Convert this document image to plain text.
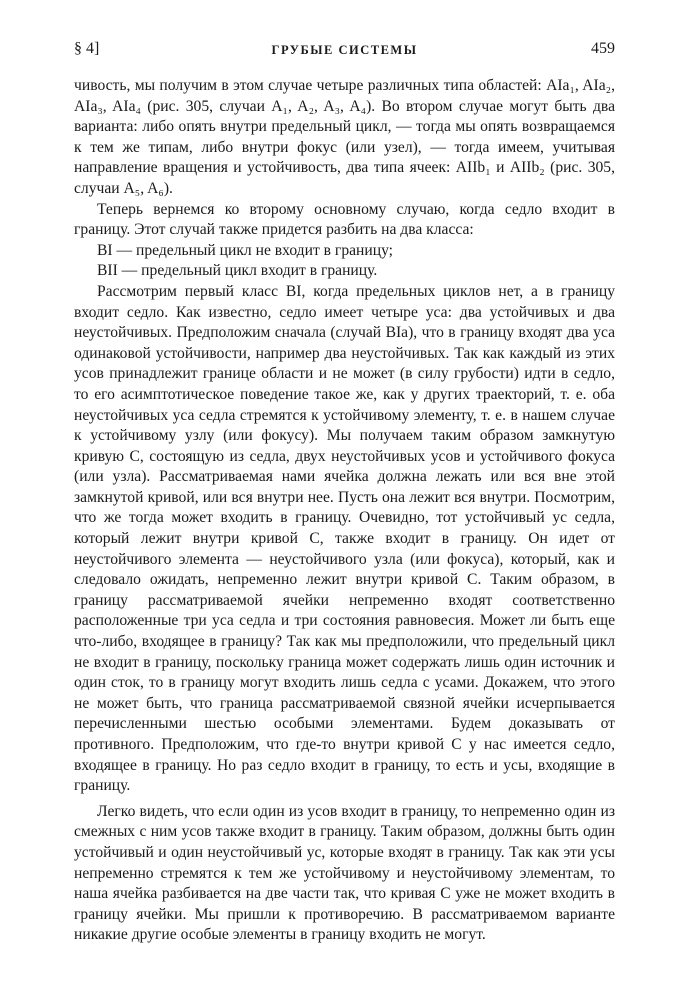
§ 4]	ГРУБЫЕ СИСТЕМЫ	459

чивость, мы получим в этом случае четыре различных типа областей: AIa₁, AIa₂, AIa₃, AIa₄ (рис. 305, случаи A₁, A₂, A₃, A₄). Во втором случае могут быть два варианта: либо опять внутри предельный цикл, — тогда мы опять возвращаемся к тем же типам, либо внутри фокус (или узел), — тогда имеем, учитывая направление вращения и устойчивость, два типа ячеек: AIIb₁ и AIIb₂ (рис. 305, случаи A₅, A₆).

Теперь вернемся ко второму основному случаю, когда седло входит в границу. Этот случай также придется разбить на два класса:

BI — предельный цикл не входит в границу;

BII — предельный цикл входит в границу.

Рассмотрим первый класс BI, когда предельных циклов нет, а в границу входит седло. Как известно, седло имеет четыре уса: два устойчивых и два неустойчивых. Предположим сначала (случай BIa), что в границу входят два уса одинаковой устойчивости, например два неустойчивых. Так как каждый из этих усов принадлежит границе области и не может (в силу грубости) идти в седло, то его асимптотическое поведение такое же, как у других траекторий, т. е. оба неустойчивых уса седла стремятся к устойчивому элементу, т. е. в нашем случае к устойчивому узлу (или фокусу). Мы получаем таким образом замкнутую кривую C, состоящую из седла, двух неустойчивых усов и устойчивого фокуса (или узла). Рассматриваемая нами ячейка должна лежать или вся вне этой замкнутой кривой, или вся внутри нее. Пусть она лежит вся внутри. Посмотрим, что же тогда может входить в границу. Очевидно, тот устойчивый ус седла, который лежит внутри кривой C, также входит в границу. Он идет от неустойчивого элемента — неустойчивого узла (или фокуса), который, как и следовало ожидать, непременно лежит внутри кривой C. Таким образом, в границу рассматриваемой ячейки непременно входят соответственно расположенные три уса седла и три состояния равновесия. Может ли быть еще что-либо, входящее в границу? Так как мы предположили, что предельный цикл не входит в границу, поскольку граница может содержать лишь один источник и один сток, то в границу могут входить лишь седла с усами. Докажем, что этого не может быть, что граница рассматриваемой связной ячейки исчерпывается перечисленными шестью особыми элементами. Будем доказывать от противного. Предположим, что где-то внутри кривой C у нас имеется седло, входящее в границу. Но раз седло входит в границу, то есть и усы, входящие в границу.

Легко видеть, что если один из усов входит в границу, то непременно один из смежных с ним усов также входит в границу. Таким образом, должны быть один устойчивый и один неустойчивый ус, которые входят в границу. Так как эти усы непременно стремятся к тем же устойчивому и неустойчивому элементам, то наша ячейка разбивается на две части так, что кривая C уже не может входить в границу ячейки. Мы пришли к противоречию. В рассматриваемом варианте никакие другие особые элементы в границу входить не могут.
